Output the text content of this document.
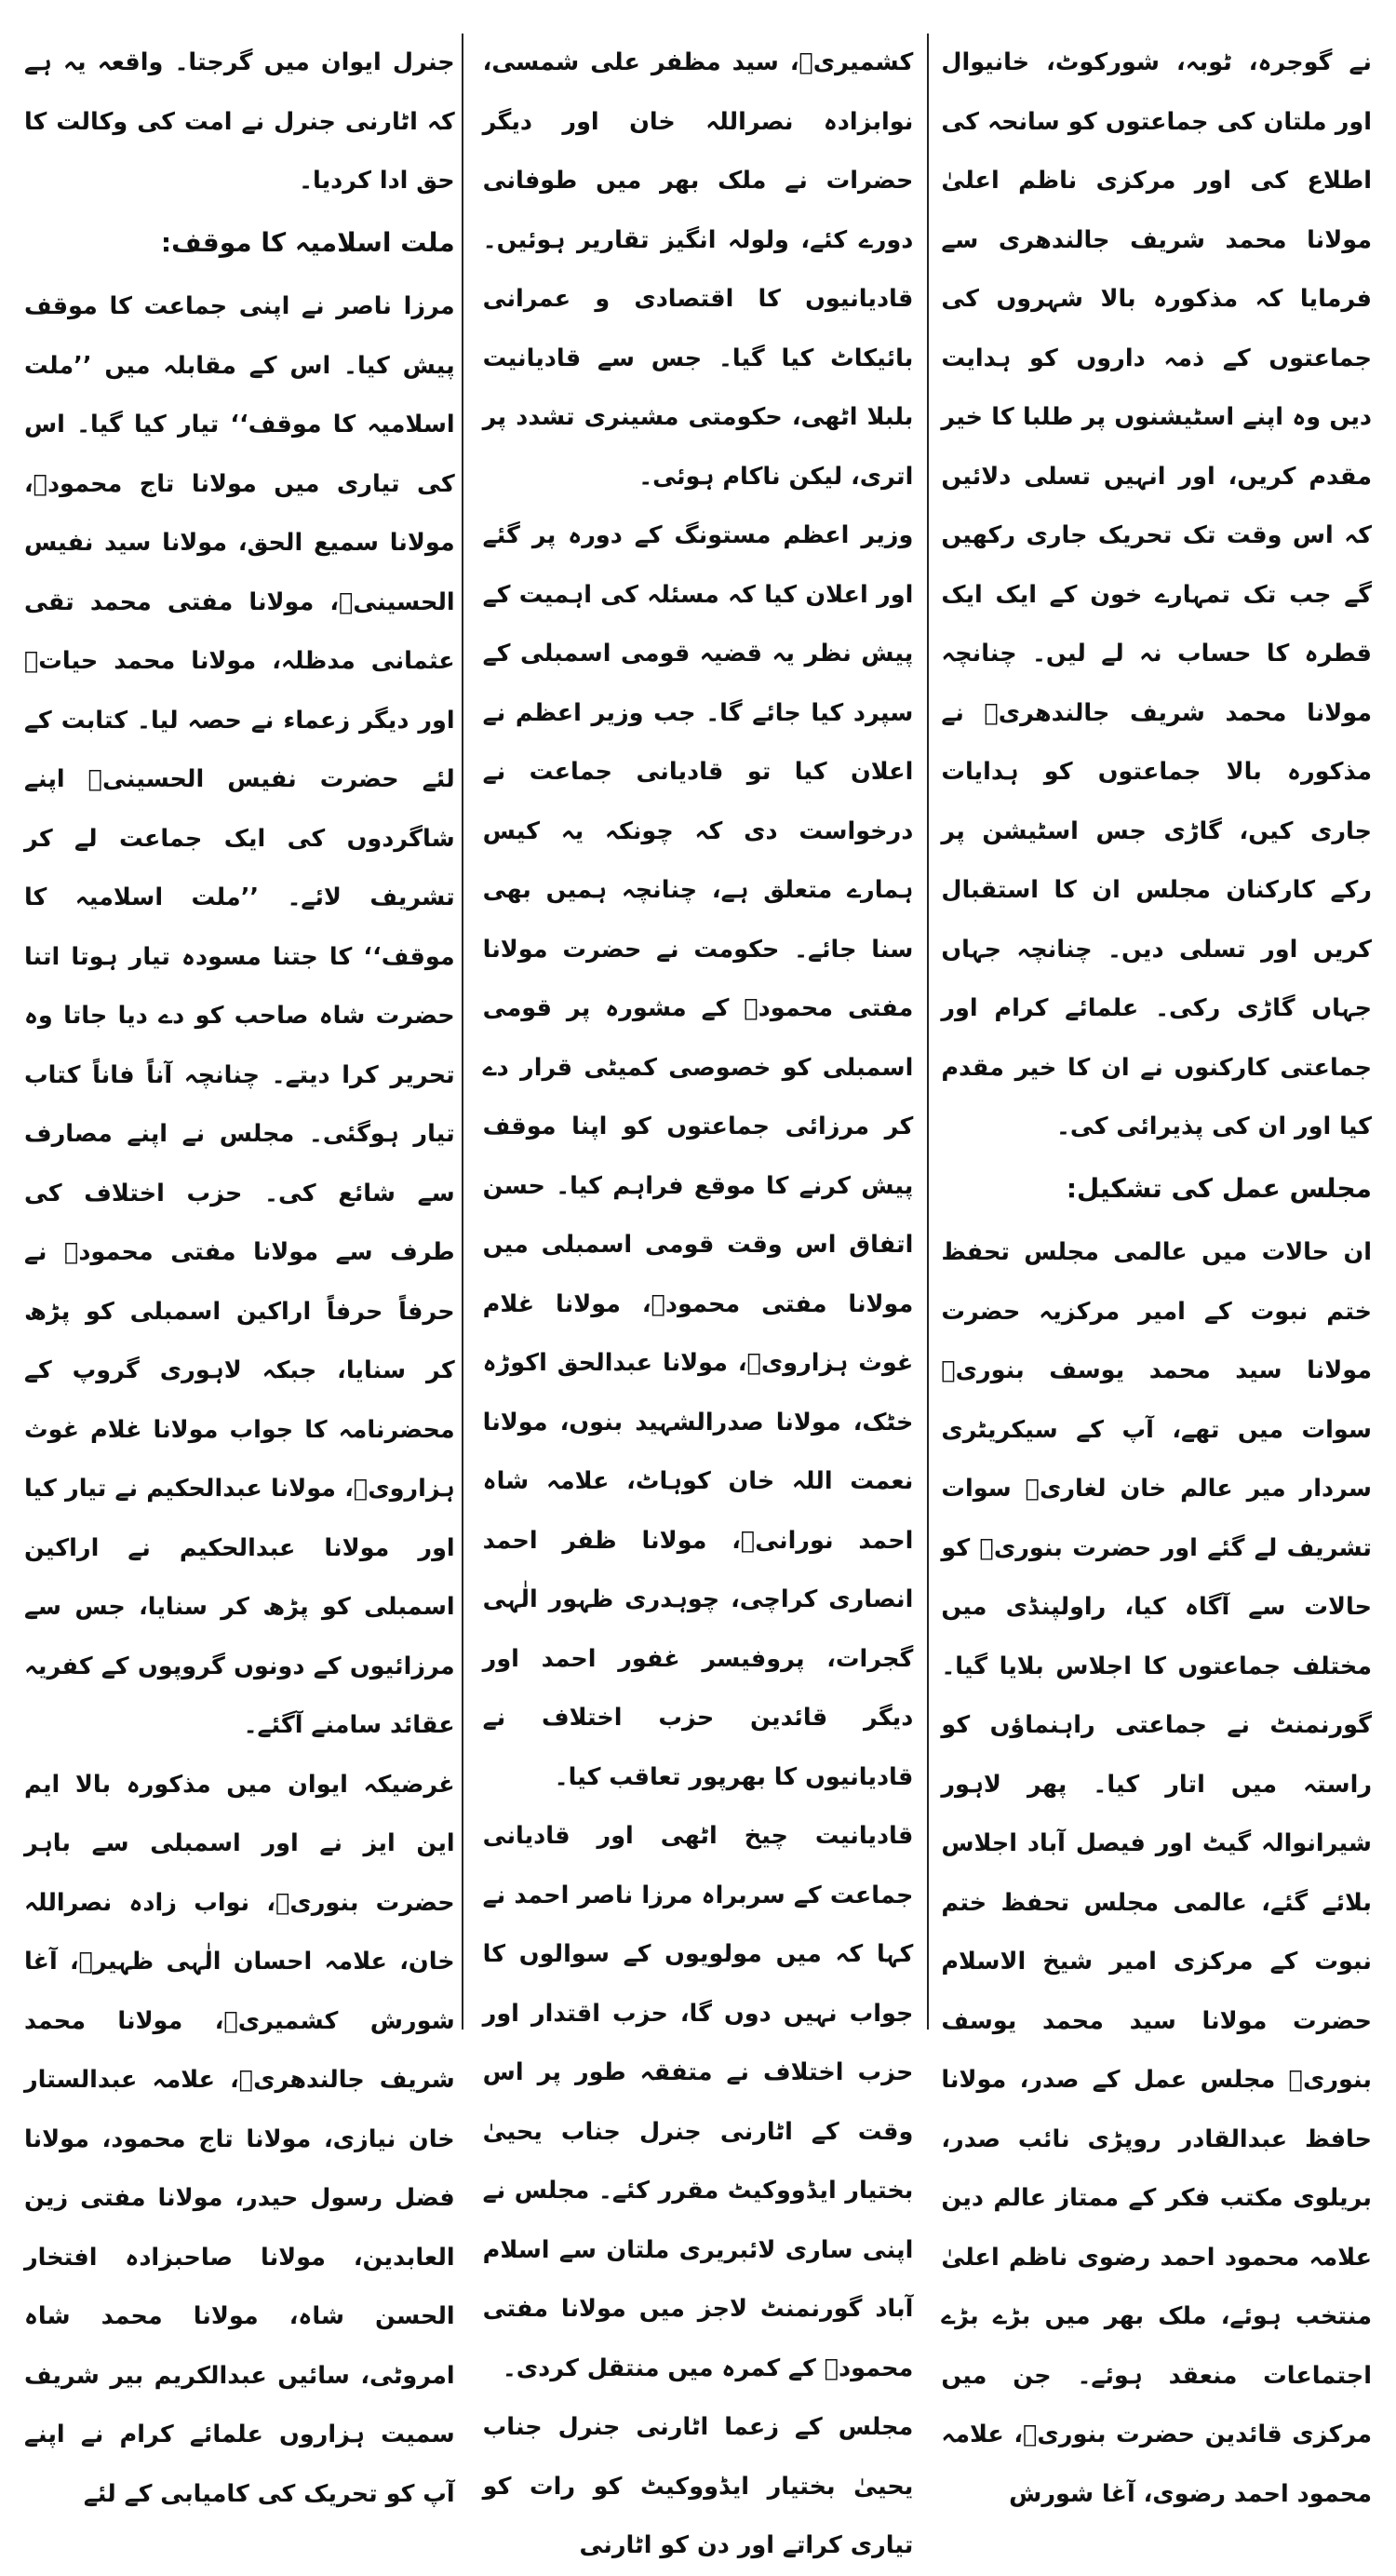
نے گوجرہ، ٹوبہ، شورکوٹ، خانیوال اور ملتان کی جماعتوں کو سانحہ کی اطلاع کی اور مرکزی ناظم اعلیٰ مولانا محمد شریف جالندھری سے فرمایا کہ مذکورہ بالا شہروں کی جماعتوں کے ذمہ داروں کو ہدایت دیں وہ اپنے اسٹیشنوں پر طلبا کا خیر مقدم کریں، اور انہیں تسلی دلائیں کہ اس وقت تک تحریک جاری رکھیں گے جب تک تمہارے خون کے ایک ایک قطرہ کا حساب نہ لے لیں۔ چنانچہ مولانا محمد شریف جالندھریؒ نے مذکورہ بالا جماعتوں کو ہدایات جاری کیں، گاڑی جس اسٹیشن پر رکے کارکنان مجلس ان کا استقبال کریں اور تسلی دیں۔ چنانچہ جہاں جہاں گاڑی رکی۔ علمائے کرام اور جماعتی کارکنوں نے ان کا خیر مقدم کیا اور ان کی پذیرائی کی۔

مجلس عمل کی تشکیل:

ان حالات میں عالمی مجلس تحفظ ختم نبوت کے امیر مرکزیہ حضرت مولانا سید محمد یوسف بنوریؒ سوات میں تھے، آپ کے سیکریٹری سردار میر عالم خان لغاریؒ سوات تشریف لے گئے اور حضرت بنوریؒ کو حالات سے آگاہ کیا، راولپنڈی میں مختلف جماعتوں کا اجلاس بلایا گیا۔ گورنمنٹ نے جماعتی راہنماؤں کو راستہ میں اتار کیا۔ پھر لاہور شیرانوالہ گیٹ اور فیصل آباد اجلاس بلائے گئے، عالمی مجلس تحفظ ختم نبوت کے مرکزی امیر شیخ الاسلام حضرت مولانا سید محمد یوسف بنوریؒ مجلس عمل کے صدر، مولانا حافظ عبدالقادر روپڑی نائب صدر، بریلوی مکتب فکر کے ممتاز عالم دین علامہ محمود احمد رضوی ناظم اعلیٰ منتخب ہوئے، ملک بھر میں بڑے بڑے اجتماعات منعقد ہوئے۔ جن میں مرکزی قائدین حضرت بنوریؒ، علامہ محمود احمد رضوی، آغا شورش

کشمیریؒ، سید مظفر علی شمسی، نوابزادہ نصراللہ خان اور دیگر حضرات نے ملک بھر میں طوفانی دورے کئے، ولولہ انگیز تقاریر ہوئیں۔ قادیانیوں کا اقتصادی و عمرانی بائیکاٹ کیا گیا۔ جس سے قادیانیت بلبلا اٹھی، حکومتی مشینری تشدد پر اتری، لیکن ناکام ہوئی۔

وزیر اعظم مستونگ کے دورہ پر گئے اور اعلان کیا کہ مسئلہ کی اہمیت کے پیش نظر یہ قضیہ قومی اسمبلی کے سپرد کیا جائے گا۔ جب وزیر اعظم نے اعلان کیا تو قادیانی جماعت نے درخواست دی کہ چونکہ یہ کیس ہمارے متعلق ہے، چنانچہ ہمیں بھی سنا جائے۔ حکومت نے حضرت مولانا مفتی محمودؒ کے مشورہ پر قومی اسمبلی کو خصوصی کمیٹی قرار دے کر مرزائی جماعتوں کو اپنا موقف پیش کرنے کا موقع فراہم کیا۔ حسن اتفاق اس وقت قومی اسمبلی میں مولانا مفتی محمودؒ، مولانا غلام غوث ہزارویؒ، مولانا عبدالحق اکوڑہ خٹک، مولانا صدرالشہید بنوں، مولانا نعمت اللہ خان کوہاٹ، علامہ شاہ احمد نورانیؒ، مولانا ظفر احمد انصاری کراچی، چوہدری ظہور الٰہی گجرات، پروفیسر غفور احمد اور دیگر قائدین حزب اختلاف نے قادیانیوں کا بھرپور تعاقب کیا۔

قادیانیت چیخ اٹھی اور قادیانی جماعت کے سربراہ مرزا ناصر احمد نے کہا کہ میں مولویوں کے سوالوں کا جواب نہیں دوں گا، حزب اقتدار اور حزب اختلاف نے متفقہ طور پر اس وقت کے اٹارنی جنرل جناب یحییٰ بختیار ایڈووکیٹ مقرر کئے۔ مجلس نے اپنی ساری لائبریری ملتان سے اسلام آباد گورنمنٹ لاجز میں مولانا مفتی محمودؒ کے کمرہ میں منتقل کردی۔

مجلس کے زعما اٹارنی جنرل جناب یحییٰ بختیار ایڈووکیٹ کو رات کو تیاری کراتے اور دن کو اٹارنی

جنرل ایوان میں گرجتا۔ واقعہ یہ ہے کہ اٹارنی جنرل نے امت کی وکالت کا حق ادا کردیا۔

ملت اسلامیہ کا موقف:

مرزا ناصر نے اپنی جماعت کا موقف پیش کیا۔ اس کے مقابلہ میں ’’ملت اسلامیہ کا موقف‘‘ تیار کیا گیا۔ اس کی تیاری میں مولانا تاج محمودؒ، مولانا سمیع الحق، مولانا سید نفیس الحسینیؒ، مولانا مفتی محمد تقی عثمانی مدظلہ، مولانا محمد حیاتؒ اور دیگر زعماء نے حصہ لیا۔ کتابت کے لئے حضرت نفیس الحسینیؒ اپنے شاگردوں کی ایک جماعت لے کر تشریف لائے۔ ’’ملت اسلامیہ کا موقف‘‘ کا جتنا مسودہ تیار ہوتا اتنا حضرت شاہ صاحب کو دے دیا جاتا وہ تحریر کرا دیتے۔ چنانچہ آناً فاناً کتاب تیار ہوگئی۔ مجلس نے اپنے مصارف سے شائع کی۔ حزب اختلاف کی طرف سے مولانا مفتی محمودؒ نے حرفاً حرفاً اراکین اسمبلی کو پڑھ کر سنایا، جبکہ لاہوری گروپ کے محضرنامہ کا جواب مولانا غلام غوث ہزارویؒ، مولانا عبدالحکیم نے تیار کیا اور مولانا عبدالحکیم نے اراکین اسمبلی کو پڑھ کر سنایا، جس سے مرزائیوں کے دونوں گروپوں کے کفریہ عقائد سامنے آگئے۔

غرضیکہ ایوان میں مذکورہ بالا ایم این ایز نے اور اسمبلی سے باہر حضرت بنوریؒ، نواب زادہ نصراللہ خان، علامہ احسان الٰہی ظہیرؒ، آغا شورش کشمیریؒ، مولانا محمد شریف جالندھریؒ، علامہ عبدالستار خان نیازی، مولانا تاج محمود، مولانا فضل رسول حیدر، مولانا مفتی زین العابدین، مولانا صاحبزادہ افتخار الحسن شاہ، مولانا محمد شاہ امروٹی، سائیں عبدالکریم بیر شریف سمیت ہزاروں علمائے کرام نے اپنے آپ کو تحریک کی کامیابی کے لئے
